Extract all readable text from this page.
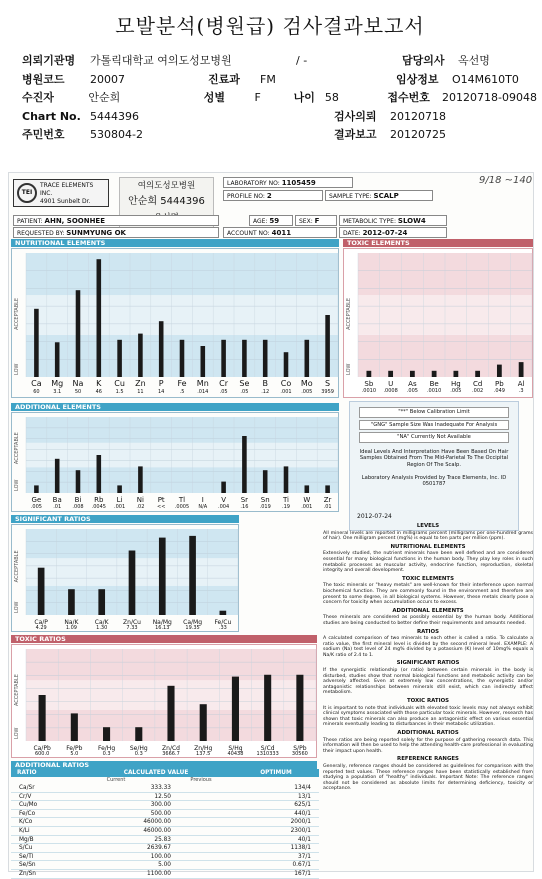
모발분석(병원급) 검사결과보고서
의뢰기관명	가톨릭대학교 여의도성모병원	/ -	담당의사	옥선명
병원코드	20007	진료과	FM	임상정보	O14M610T0
수진자	안순희	성별	F	나이 58	접수번호	20120718-09048
Chart No. 5444396	검사의뢰	20120718
주민번호	530804-2	결과보고	20120725
TEI
TRACE ELEMENTS INC.
4901 Sunbelt Dr.
여의도성모병원
안순희 5444396
9/18 ~140
LABORATORY NO: 1105459
PROFILE NO: 2	SAMPLE TYPE: SCALP
PATIENT: AHN, SOONHEE	AGE: 59	SEX: F	METABOLIC TYPE: SLOW4
REQUESTED BY: SUNMYUNG OK	ACCOUNT NO: 4011	DATE: 2012-07-24
NUTRITIONAL ELEMENTS	TOXIC ELEMENTS
ADDITIONAL ELEMENTS
SIGNIFICANT RATIOS
TOXIC RATIOS
LOW
ACCEPTABLE
Ca
60
Mg
3.1
Na
50
K
46
Cu
1.5
Zn
11
P
14
Fe
.5
Mn
.014
Cr
.05
Se
.05
B
.12
Co
.001
Mo
.005
S
3959
LOW
ACCEPTABLE
Sb
.0010
U
.0008
As
.005
Be
.0010
Hg
.005
Cd
.002
Pb
.049
Al
.3
LOW
ACCEPTABLE
Ge
.005
Ba
.01
Bi
.008
Rb
.0045
Li
.001
Ni
.02
Pt
<<
Tl
.0005
I
N/A
V
.004
Sr
.16
Sn
.019
Ti
.19
W
.001
Zr
.01
LOW
ACCEPTABLE
Ca/P
4.29
Na/K
1.09
Ca/K
1.30
Zn/Cu
7.33
Na/Mg
16.13
Ca/Mg
19.35
Fe/Cu
.33
LOW
ACCEPTABLE
Ca/Pb
600.0
Fe/Pb
5.0
Fe/Hg
0.3
Se/Hg
0.3
Zn/Cd
3666.7
Zn/Hg
137.5
S/Hg
40438
S/Cd
1310333
S/Pb
30560
"**" Below Calibration Limit
"GNG" Sample Size Was Inadequate For Analysis
"NA" Currently Not Available
Ideal Levels And Interpretation Have Been Based On Hair Samples Obtained From The Mid-Parietal To The Occipital Region Of The Scalp.
Laboratory Analysis Provided by Trace Elements, Inc. ID 0501787
2012-07-24
LEVELS

All mineral levels are reported in milligrams percent (milligrams per one-hundred grams of hair). One milligram percent (mg%) is equal to ten parts per million (ppm).

NUTRITIONAL ELEMENTS

Extensively studied, the nutrient minerals have been well defined and are considered essential for many biological functions in the human body. They play key roles in such metabolic processes as muscular activity, endocrine function, reproduction, skeletal integrity and overall development.

TOXIC ELEMENTS

The toxic minerals or "heavy metals" are well-known for their interference upon normal biochemical function. They are commonly found in the environment and therefore are present to some degree, in all biological systems. However, these metals clearly pose a concern for toxicity when accumulation occurs to excess.

ADDITIONAL ELEMENTS

These minerals are considered as possibly essential by the human body. Additional studies are being conducted to better define their requirements and amounts needed.

RATIOS

A calculated comparison of two minerals to each other is called a ratio. To calculate a ratio value, the first mineral level is divided by the second mineral level. EXAMPLE: A sodium (Na) test level of 24 mg% divided by a potassium (K) level of 10mg% equals a Na/K ratio of 2.4 to 1.

SIGNIFICANT RATIOS

If the synergistic relationship (or ratio) between certain minerals in the body is disturbed, studies show that normal biological functions and metabolic activity can be adversely affected. Even at extremely low concentrations, the synergistic and/or antagonistic relationships between minerals still exist, which can indirectly affect metabolism.

TOXIC RATIOS

It is important to note that individuals with elevated toxic levels may not always exhibit clinical symptoms associated with those particular toxic minerals. However, research has shown that toxic minerals can also produce an antagonistic effect on various essential minerals eventually leading to disturbances in their metabolic utilization.

ADDITIONAL RATIOS

These ratios are being reported solely for the purpose of gathering research data. This information will then be used to help the attending health-care professional in evaluating their impact upon health.

REFERENCE RANGES

Generally, reference ranges should be considered as guidelines for comparison with the reported test values. These reference ranges have been statistically established from studying a population of "healthy" individuals. Important Note: The reference ranges should not be considered as absolute limits for determining deficiency, toxicity or acceptance.

ADDITIONAL RATIOS
RATIO	CALCULATED VALUE	OPTIMUM
Current	Previous
Ca/Sr	333.33	134/4
Cr/V	12.50	13/1
Cu/Mo	300.00	625/1
Fe/Co	500.00	440/1
K/Co	46000.00	2000/1
K/Li	46000.00	2300/1
Mg/B	25.83	40/1
S/Cu	2639.67	1138/1
Se/Tl	100.00	37/1
Se/Sn	5.00	0.67/1
Zn/Sn	1100.00	167/1
